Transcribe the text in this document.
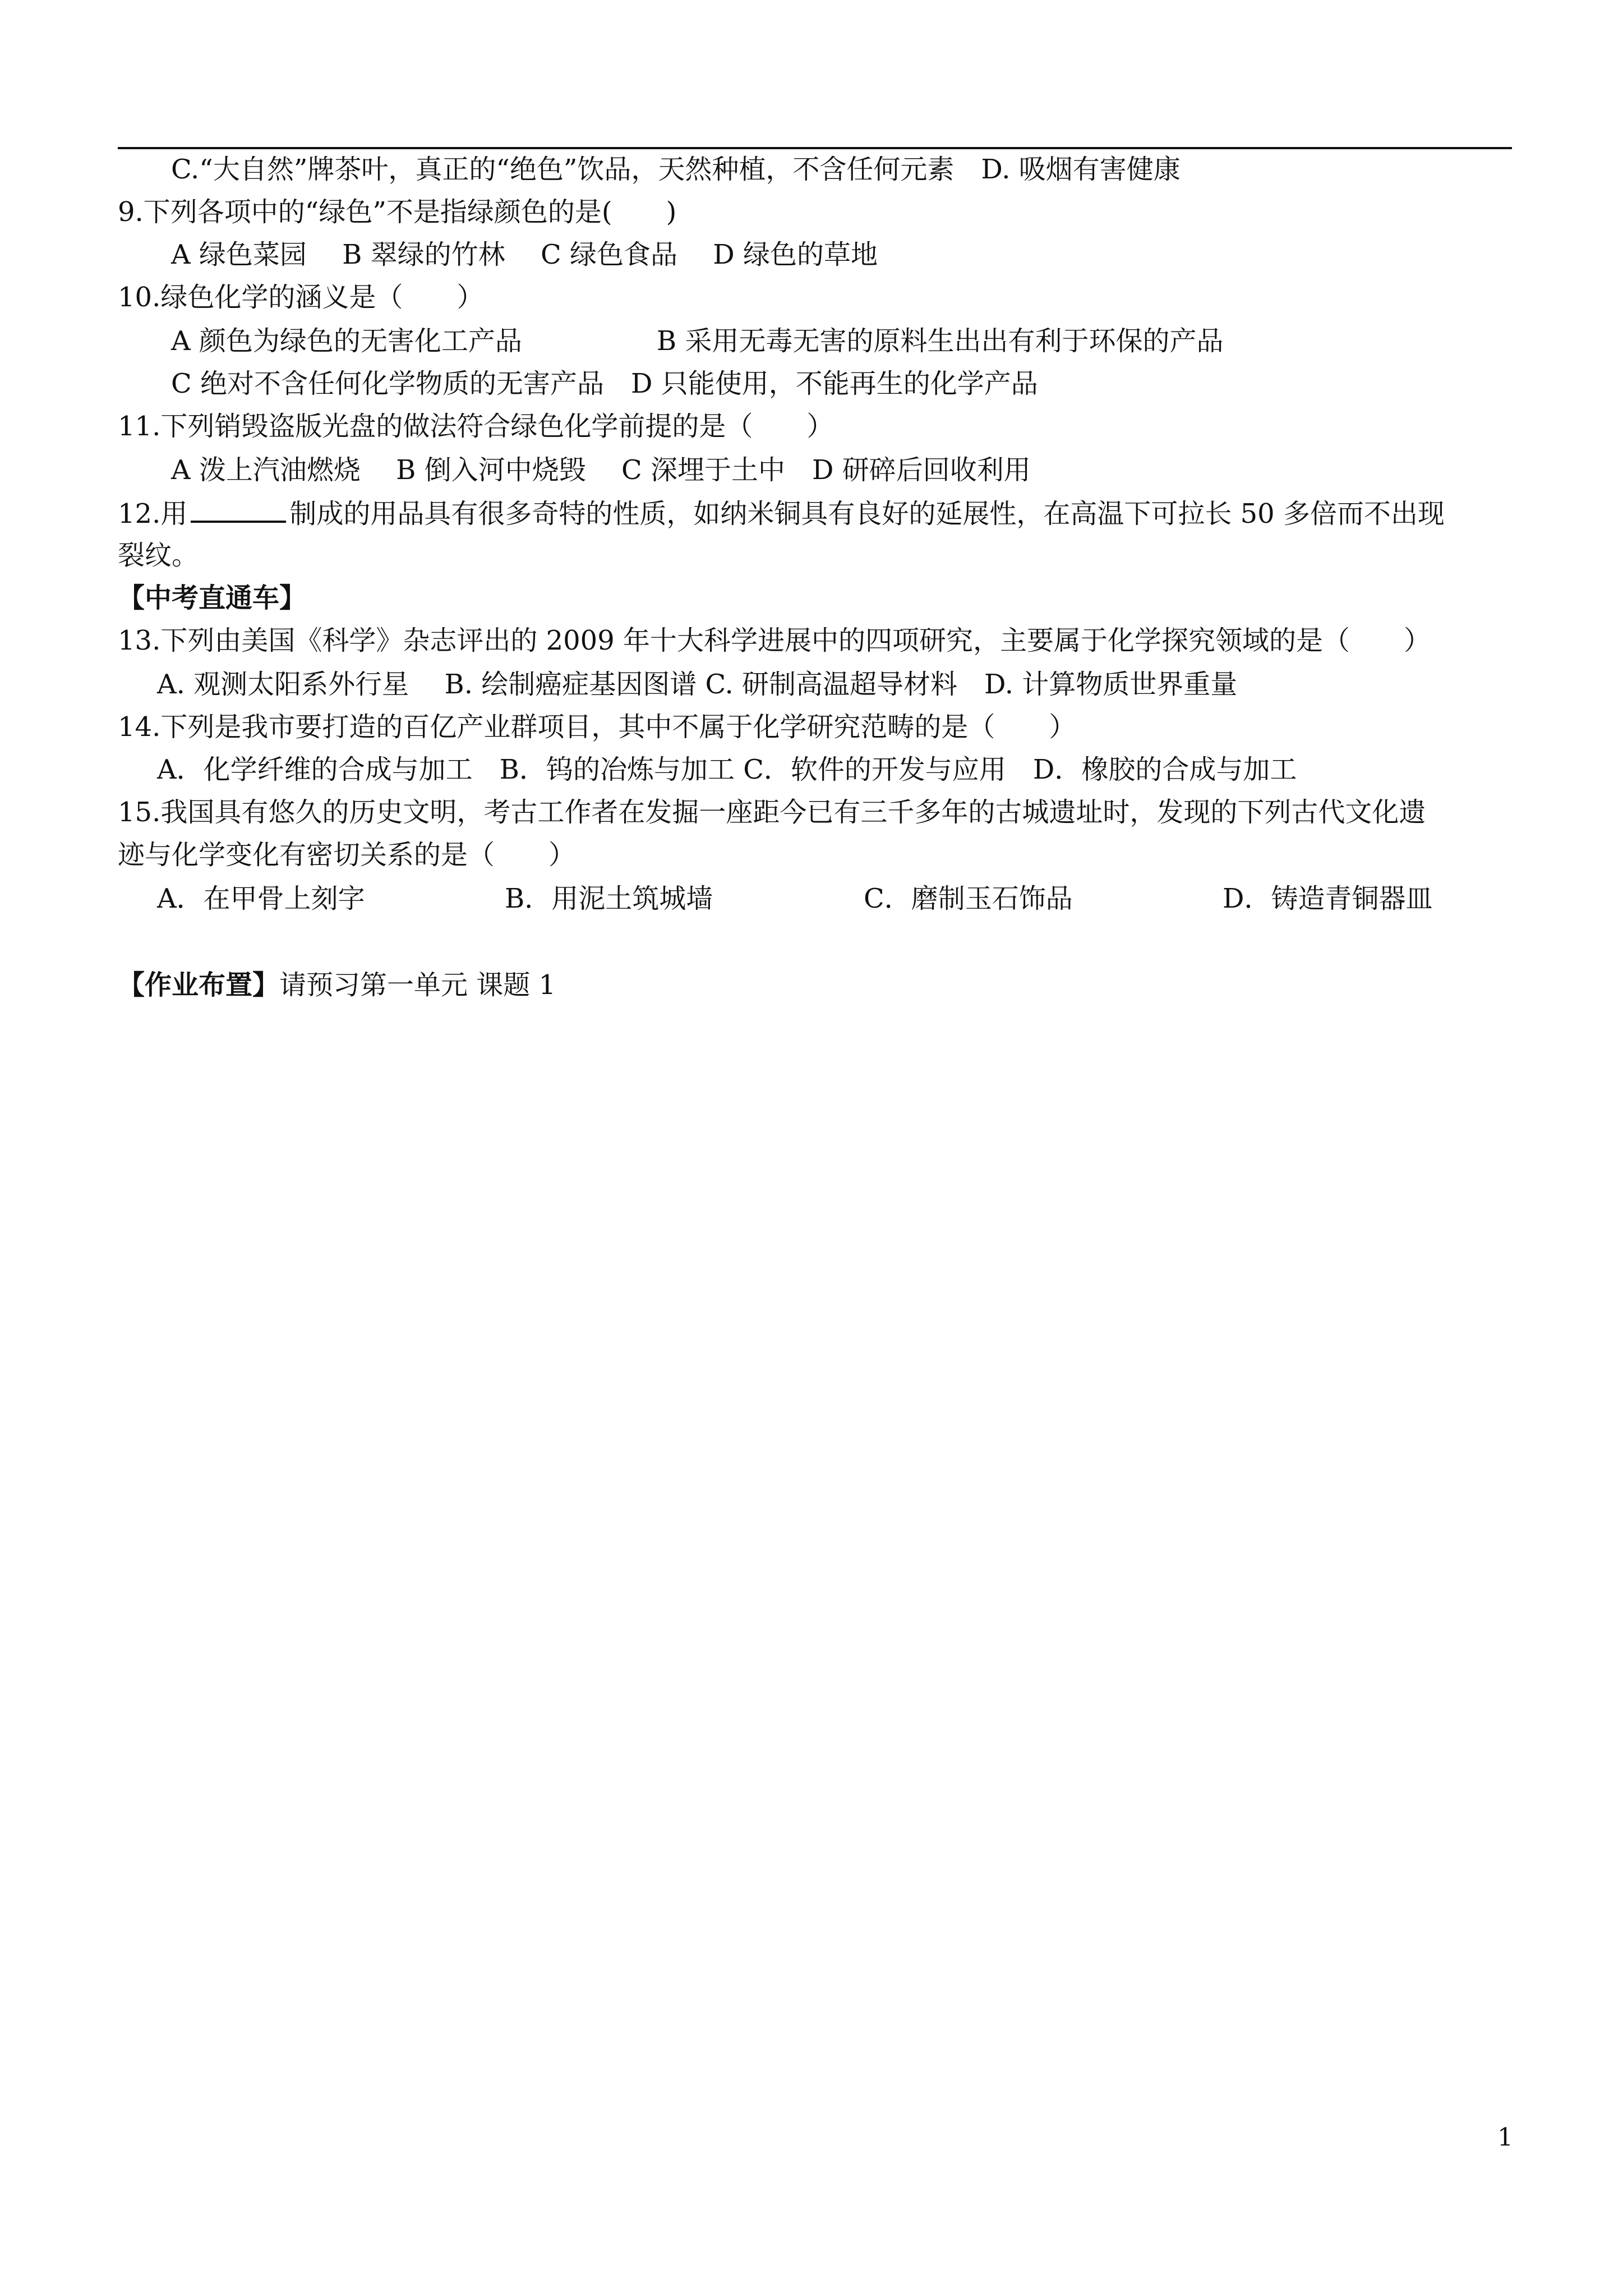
C.“大自然”牌茶叶，真正的“绝色”饮品，天然种植，不含任何元素　D. 吸烟有害健康
9.下列各项中的“绿色”不是指绿颜色的是(　　)
A 绿色菜园　 B 翠绿的竹林　 C 绿色食品　 D 绿色的草地
10.绿色化学的涵义是（　　）
A 颜色为绿色的无害化工产品　　　　　B 采用无毒无害的原料生出出有利于环保的产品
C 绝对不含任何化学物质的无害产品　D 只能使用，不能再生的化学产品
11.下列销毁盗版光盘的做法符合绿色化学前提的是（　　）
A 泼上汽油燃烧　 B 倒入河中烧毁　 C 深埋于土中　D 研碎后回收利用
12.用	制成的用品具有很多奇特的性质，如纳米铜具有良好的延展性，在高温下可拉长 50 多倍而不出现
裂纹。
【中考直通车】
13.下列由美国《科学》杂志评出的 2009 年十大科学进展中的四项研究，主要属于化学探究领域的是（　　）
A. 观测太阳系外行星　 B. 绘制癌症基因图谱 C. 研制高温超导材料　D. 计算物质世界重量
14.下列是我市要打造的百亿产业群项目，其中不属于化学研究范畴的是（　　）
A．化学纤维的合成与加工　B．钨的冶炼与加工 C．软件的开发与应用　D．橡胶的合成与加工
15.我国具有悠久的历史文明，考古工作者在发掘一座距今已有三千多年的古城遗址时，发现的下列古代文化遗
迹与化学变化有密切关系的是（　　）

A．在甲骨上刻字

	B．用泥土筑城墙

	C．磨制玉石饰品

	D．铸造青铜器皿

【作业布置】请预习第一单元 课题 1
1
